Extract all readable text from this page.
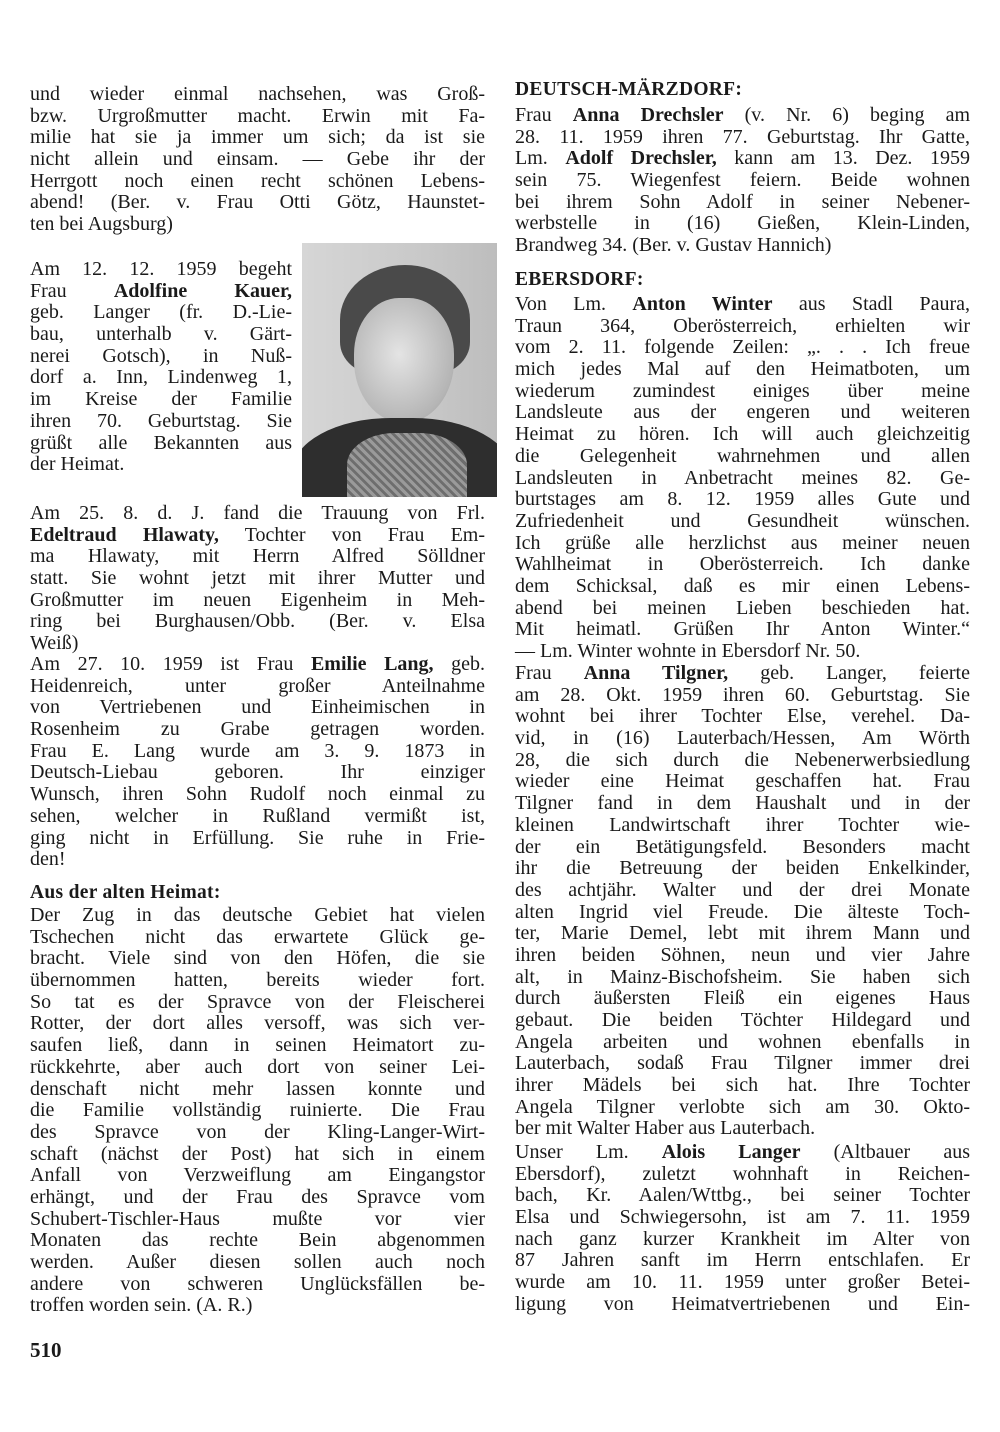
und wieder einmal nachsehen, was Groß-
bzw. Urgroßmutter macht. Erwin mit Fa-
milie hat sie ja immer um sich; da ist sie
nicht allein und einsam. — Gebe ihr der
Herrgott noch einen recht schönen Lebens-
abend! (Ber. v. Frau Otti Götz, Haunstet-
ten bei Augsburg)
Am 12. 12. 1959 begeht
Frau Adolfine Kauer,
geb. Langer (fr. D.-Lie-
bau, unterhalb v. Gärt-
nerei Gotsch), in Nuß-
dorf a. Inn, Lindenweg 1,
im Kreise der Familie
ihren 70. Geburtstag. Sie
grüßt alle Bekannten aus
der Heimat.
Am 25. 8. d. J. fand die Trauung von Frl.
Edeltraud Hlawaty, Tochter von Frau Em-
ma Hlawaty, mit Herrn Alfred Sölldner
statt. Sie wohnt jetzt mit ihrer Mutter und
Großmutter im neuen Eigenheim in Meh-
ring bei Burghausen/Obb. (Ber. v. Elsa
Weiß)
Am 27. 10. 1959 ist Frau Emilie Lang, geb.
Heidenreich, unter großer Anteilnahme
von Vertriebenen und Einheimischen in
Rosenheim zu Grabe getragen worden.
Frau E. Lang wurde am 3. 9. 1873 in
Deutsch-Liebau geboren. Ihr einziger
Wunsch, ihren Sohn Rudolf noch einmal zu
sehen, welcher in Rußland vermißt ist,
ging nicht in Erfüllung. Sie ruhe in Frie-
den!
Aus der alten Heimat:
Der Zug in das deutsche Gebiet hat vielen
Tschechen nicht das erwartete Glück ge-
bracht. Viele sind von den Höfen, die sie
übernommen hatten, bereits wieder fort.
So tat es der Spravce von der Fleischerei
Rotter, der dort alles versoff, was sich ver-
saufen ließ, dann in seinen Heimatort zu-
rückkehrte, aber auch dort von seiner Lei-
denschaft nicht mehr lassen konnte und
die Familie vollständig ruinierte. Die Frau
des Spravce von der Kling-Langer-Wirt-
schaft (nächst der Post) hat sich in einem
Anfall von Verzweiflung am Eingangstor
erhängt, und der Frau des Spravce vom
Schubert-Tischler-Haus mußte vor vier
Monaten das rechte Bein abgenommen
werden. Außer diesen sollen auch noch
andere von schweren Unglücksfällen be-
troffen worden sein. (A. R.)
510
DEUTSCH-MÄRZDORF:
Frau Anna Drechsler (v. Nr. 6) beging am
28. 11. 1959 ihren 77. Geburtstag. Ihr Gatte,
Lm. Adolf Drechsler, kann am 13. Dez. 1959
sein 75. Wiegenfest feiern. Beide wohnen
bei ihrem Sohn Adolf in seiner Nebener-
werbstelle in (16) Gießen, Klein-Linden,
Brandweg 34. (Ber. v. Gustav Hannich)
EBERSDORF:
Von Lm. Anton Winter aus Stadl Paura,
Traun 364, Oberösterreich, erhielten wir
vom 2. 11. folgende Zeilen: „. . . Ich freue
mich jedes Mal auf den Heimatboten, um
wiederum zumindest einiges über meine
Landsleute aus der engeren und weiteren
Heimat zu hören. Ich will auch gleichzeitig
die Gelegenheit wahrnehmen und allen
Landsleuten in Anbetracht meines 82. Ge-
burtstages am 8. 12. 1959 alles Gute und
Zufriedenheit und Gesundheit wünschen.
Ich grüße alle herzlichst aus meiner neuen
Wahlheimat in Oberösterreich. Ich danke
dem Schicksal, daß es mir einen Lebens-
abend bei meinen Lieben beschieden hat.
Mit heimatl. Grüßen Ihr Anton Winter.“
— Lm. Winter wohnte in Ebersdorf Nr. 50.
Frau Anna Tilgner, geb. Langer, feierte
am 28. Okt. 1959 ihren 60. Geburtstag. Sie
wohnt bei ihrer Tochter Else, verehel. Da-
vid, in (16) Lauterbach/Hessen, Am Wörth
28, die sich durch die Nebenerwerbsiedlung
wieder eine Heimat geschaffen hat. Frau
Tilgner fand in dem Haushalt und in der
kleinen Landwirtschaft ihrer Tochter wie-
der ein Betätigungsfeld. Besonders macht
ihr die Betreuung der beiden Enkelkinder,
des achtjähr. Walter und der drei Monate
alten Ingrid viel Freude. Die älteste Toch-
ter, Marie Demel, lebt mit ihrem Mann und
ihren beiden Söhnen, neun und vier Jahre
alt, in Mainz-Bischofsheim. Sie haben sich
durch äußersten Fleiß ein eigenes Haus
gebaut. Die beiden Töchter Hildegard und
Angela arbeiten und wohnen ebenfalls in
Lauterbach, sodaß Frau Tilgner immer drei
ihrer Mädels bei sich hat. Ihre Tochter
Angela Tilgner verlobte sich am 30. Okto-
ber mit Walter Haber aus Lauterbach.
Unser Lm. Alois Langer (Altbauer aus
Ebersdorf), zuletzt wohnhaft in Reichen-
bach, Kr. Aalen/Wttbg., bei seiner Tochter
Elsa und Schwiegersohn, ist am 7. 11. 1959
nach ganz kurzer Krankheit im Alter von
87 Jahren sanft im Herrn entschlafen. Er
wurde am 10. 11. 1959 unter großer Betei-
ligung von Heimatvertriebenen und Ein-
